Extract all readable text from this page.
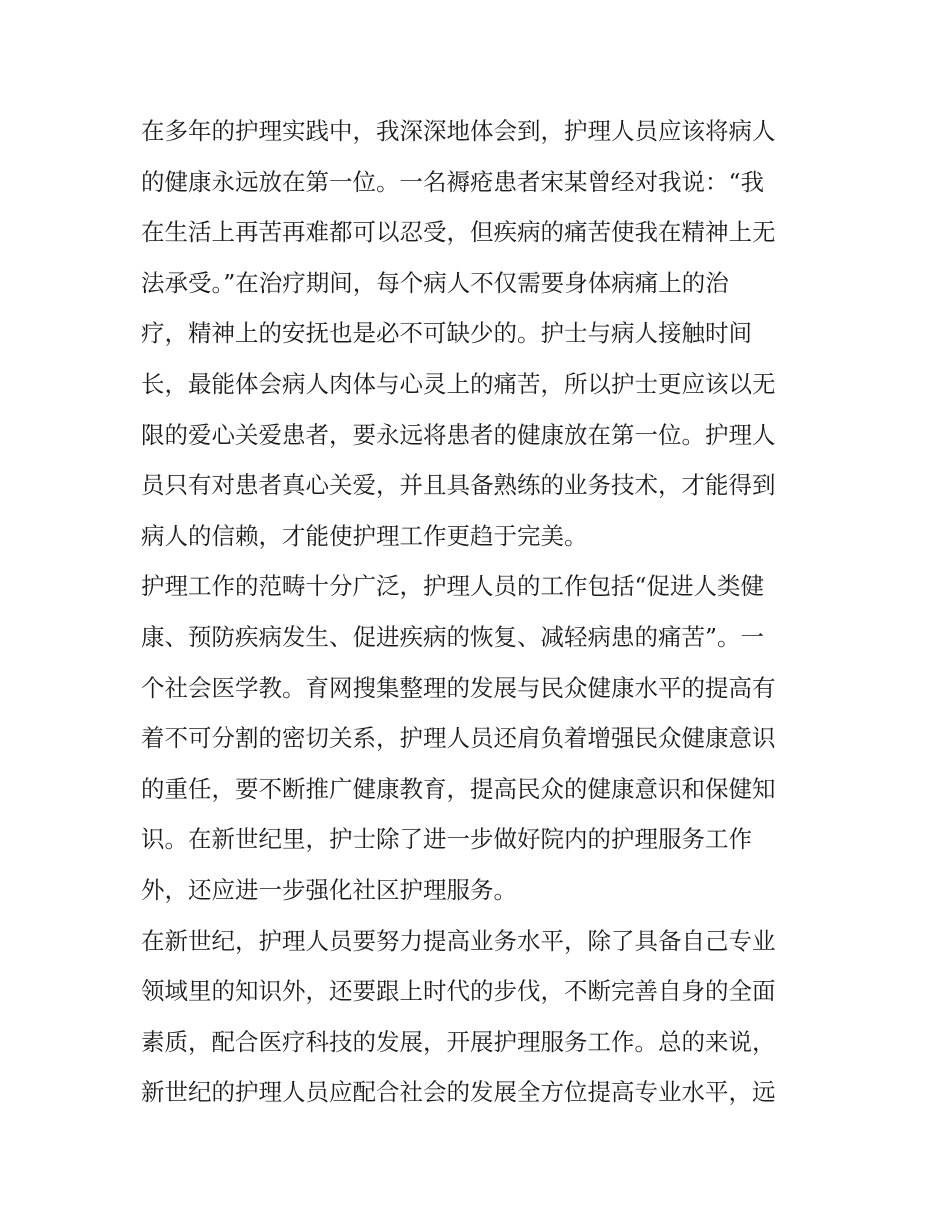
在多年的护理实践中，我深深地体会到，护理人员应该将病人
的健康永远放在第一位。一名褥疮患者宋某曾经对我说：“我
在生活上再苦再难都可以忍受，但疾病的痛苦使我在精神上无
法承受。”在治疗期间，每个病人不仅需要身体病痛上的治
疗，精神上的安抚也是必不可缺少的。护士与病人接触时间
长，最能体会病人肉体与心灵上的痛苦，所以护士更应该以无
限的爱心关爱患者，要永远将患者的健康放在第一位。护理人
员只有对患者真心关爱，并且具备熟练的业务技术，才能得到
病人的信赖，才能使护理工作更趋于完美。
护理工作的范畴十分广泛，护理人员的工作包括“促进人类健
康、预防疾病发生、促进疾病的恢复、减轻病患的痛苦”。一
个社会医学教。育网搜集整理的发展与民众健康水平的提高有
着不可分割的密切关系，护理人员还肩负着增强民众健康意识
的重任，要不断推广健康教育，提高民众的健康意识和保健知
识。在新世纪里，护士除了进一步做好院内的护理服务工作
外，还应进一步强化社区护理服务。
在新世纪，护理人员要努力提高业务水平，除了具备自己专业
领域里的知识外，还要跟上时代的步伐，不断完善自身的全面
素质，配合医疗科技的发展，开展护理服务工作。总的来说，
新世纪的护理人员应配合社会的发展全方位提高专业水平，远
